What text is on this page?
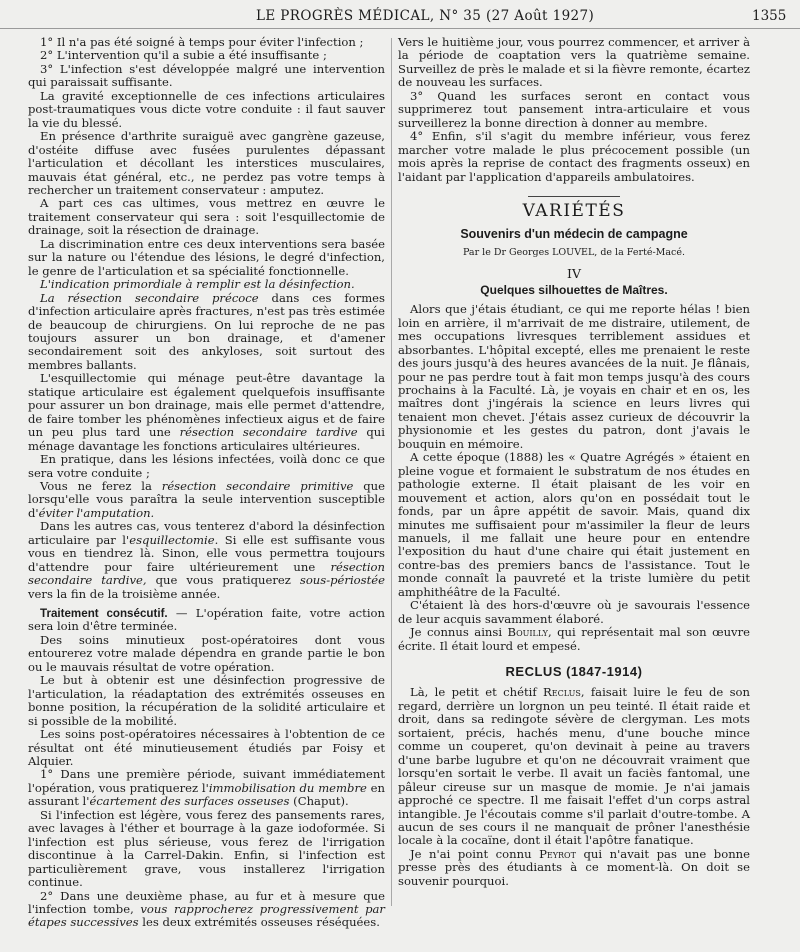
LE PROGRÈS MÉDICAL, N° 35 (27 Août 1927)	1355

1° Il n'a pas été soigné à temps pour éviter l'infection ;

2° L'intervention qu'il a subie a été insuffisante ;

3° L'infection s'est développée malgré une intervention qui paraissait suffisante.

La gravité exceptionnelle de ces infections articulaires post-traumatiques vous dicte votre conduite : il faut sauver la vie du blessé.

En présence d'arthrite suraiguë avec gangrène gazeuse, d'ostéite diffuse avec fusées purulentes dépassant l'articulation et décollant les interstices musculaires, mauvais état général, etc., ne perdez pas votre temps à rechercher un traitement conservateur : amputez.

A part ces cas ultimes, vous mettrez en œuvre le traitement conservateur qui sera : soit l'esquillectomie de drainage, soit la résection de drainage.

La discrimination entre ces deux interventions sera basée sur la nature ou l'étendue des lésions, le degré d'infection, le genre de l'articulation et sa spécialité fonctionnelle.

L'indication primordiale à remplir est la désinfection.

La résection secondaire précoce dans ces formes d'infection articulaire après fractures, n'est pas très estimée de beaucoup de chirurgiens. On lui reproche de ne pas toujours assurer un bon drainage, et d'amener secondairement soit des ankyloses, soit surtout des membres ballants.

L'esquillectomie qui ménage peut-être davantage la statique articulaire est également quelquefois insuffisante pour assurer un bon drainage, mais elle permet d'attendre, de faire tomber les phénomènes infectieux aigus et de faire un peu plus tard une résection secondaire tardive qui ménage davantage les fonctions articulaires ultérieures.

En pratique, dans les lésions infectées, voilà donc ce que sera votre conduite ;

Vous ne ferez la résection secondaire primitive que lorsqu'elle vous paraîtra la seule intervention susceptible d'éviter l'amputation.

Dans les autres cas, vous tenterez d'abord la désinfection articulaire par l'esquillectomie. Si elle est suffisante vous vous en tiendrez là. Sinon, elle vous permettra toujours d'attendre pour faire ultérieurement une résection secondaire tardive, que vous pratiquerez sous-périostée vers la fin de la troisième année.

Traitement consécutif. — L'opération faite, votre action sera loin d'être terminée.

Des soins minutieux post-opératoires dont vous entourerez votre malade dépendra en grande partie le bon ou le mauvais résultat de votre opération.

Le but à obtenir est une désinfection progressive de l'articulation, la réadaptation des extrémités osseuses en bonne position, la récupération de la solidité articulaire et si possible de la mobilité.

Les soins post-opératoires nécessaires à l'obtention de ce résultat ont été minutieusement étudiés par Foisy et Alquier.

1° Dans une première période, suivant immédiatement l'opération, vous pratiquerez l'immobilisation du membre en assurant l'écartement des surfaces osseuses (Chaput).

Si l'infection est légère, vous ferez des pansements rares, avec lavages à l'éther et bourrage à la gaze iodoformée. Si l'infection est plus sérieuse, vous ferez de l'irrigation discontinue à la Carrel-Dakin. Enfin, si l'infection est particulièrement grave, vous installerez l'irrigation continue.

2° Dans une deuxième phase, au fur et à mesure que l'infection tombe, vous rapprocherez progressivement par étapes successives les deux extrémités osseuses réséquées.

Vers le huitième jour, vous pourrez commencer, et arriver à la période de coaptation vers la quatrième semaine. Surveillez de près le malade et si la fièvre remonte, écartez de nouveau les surfaces.

3° Quand les surfaces seront en contact vous supprimerez tout pansement intra-articulaire et vous surveillerez la bonne direction à donner au membre.

4° Enfin, s'il s'agit du membre inférieur, vous ferez marcher votre malade le plus précocement possible (un mois après la reprise de contact des fragments osseux) en l'aidant par l'application d'appareils ambulatoires.

VARIÉTÉS

Souvenirs d'un médecin de campagne

Par le Dr Georges LOUVEL, de la Ferté-Macé.

IV

Quelques silhouettes de Maîtres.

Alors que j'étais étudiant, ce qui me reporte hélas ! bien loin en arrière, il m'arrivait de me distraire, utilement, de mes occupations livresques terriblement assidues et absorbantes. L'hôpital excepté, elles me prenaient le reste des jours jusqu'à des heures avancées de la nuit. Je flânais, pour ne pas perdre tout à fait mon temps jusqu'à des cours prochains à la Faculté. Là, je voyais en chair et en os, les maîtres dont j'ingérais la science en leurs livres qui tenaient mon chevet. J'étais assez curieux de découvrir la physionomie et les gestes du patron, dont j'avais le bouquin en mémoire.

A cette époque (1888) les « Quatre Agrégés » étaient en pleine vogue et formaient le substratum de nos études en pathologie externe. Il était plaisant de les voir en mouvement et action, alors qu'on en possédait tout le fonds, par un âpre appétit de savoir. Mais, quand dix minutes me suffisaient pour m'assimiler la fleur de leurs manuels, il me fallait une heure pour en entendre l'exposition du haut d'une chaire qui était justement en contre-bas des premiers bancs de l'assistance. Tout le monde connaît la pauvreté et la triste lumière du petit amphithéâtre de la Faculté.

C'étaient là des hors-d'œuvre où je savourais l'essence de leur acquis savamment élaboré.

Je connus ainsi Bouilly, qui représentait mal son œuvre écrite. Il était lourd et empesé.

RECLUS (1847-1914)

Là, le petit et chétif Reclus, faisait luire le feu de son regard, derrière un lorgnon un peu teinté. Il était raide et droit, dans sa redingote sévère de clergyman. Les mots sortaient, précis, hachés menu, d'une bouche mince comme un couperet, qu'on devinait à peine au travers d'une barbe lugubre et qu'on ne découvrait vraiment que lorsqu'en sortait le verbe. Il avait un faciès fantomal, une pâleur cireuse sur un masque de momie. Je n'ai jamais approché ce spectre. Il me faisait l'effet d'un corps astral intangible. Je l'écoutais comme s'il parlait d'outre-tombe. A aucun de ses cours il ne manquait de prôner l'anesthésie locale à la cocaïne, dont il était l'apôtre fanatique.

Je n'ai point connu Peyrot qui n'avait pas une bonne presse près des étudiants à ce moment-là. On doit se souvenir pourquoi.
